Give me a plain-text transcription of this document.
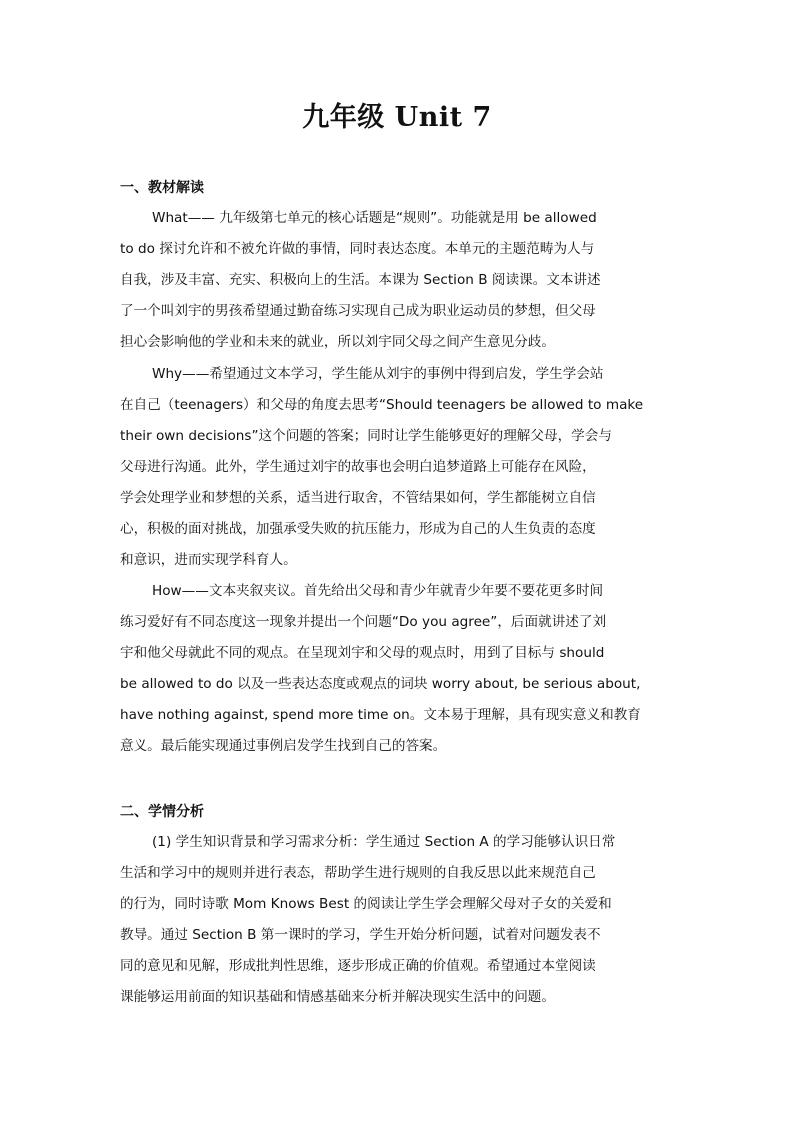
九年级 Unit 7
一、教材解读
What—— 九年级第七单元的核心话题是“规则”。功能就是用 be allowed
to do 探讨允许和不被允许做的事情，同时表达态度。本单元的主题范畴为人与
自我，涉及丰富、充实、积极向上的生活。本课为 Section B 阅读课。文本讲述
了一个叫刘宇的男孩希望通过勤奋练习实现自己成为职业运动员的梦想，但父母
担心会影响他的学业和未来的就业，所以刘宇同父母之间产生意见分歧。
Why——希望通过文本学习，学生能从刘宇的事例中得到启发，学生学会站
在自己（teenagers）和父母的角度去思考“Should teenagers be allowed to make
their own decisions”这个问题的答案；同时让学生能够更好的理解父母，学会与
父母进行沟通。此外，学生通过刘宇的故事也会明白追梦道路上可能存在风险，
学会处理学业和梦想的关系，适当进行取舍，不管结果如何，学生都能树立自信
心，积极的面对挑战，加强承受失败的抗压能力，形成为自己的人生负责的态度
和意识，进而实现学科育人。
How——文本夹叙夹议。首先给出父母和青少年就青少年要不要花更多时间
练习爱好有不同态度这一现象并提出一个问题“Do you agree”，后面就讲述了刘
宇和他父母就此不同的观点。在呈现刘宇和父母的观点时，用到了目标与 should
be allowed to do 以及一些表达态度或观点的词块 worry about, be serious about,
have nothing against, spend more time on。文本易于理解，具有现实意义和教育
意义。最后能实现通过事例启发学生找到自己的答案。
二、学情分析
(1) 学生知识背景和学习需求分析：学生通过 Section A 的学习能够认识日常
生活和学习中的规则并进行表态，帮助学生进行规则的自我反思以此来规范自己
的行为，同时诗歌 Mom Knows Best 的阅读让学生学会理解父母对子女的关爱和
教导。通过 Section B 第一课时的学习，学生开始分析问题，试着对问题发表不
同的意见和见解，形成批判性思维，逐步形成正确的价值观。希望通过本堂阅读
课能够运用前面的知识基础和情感基础来分析并解决现实生活中的问题。
